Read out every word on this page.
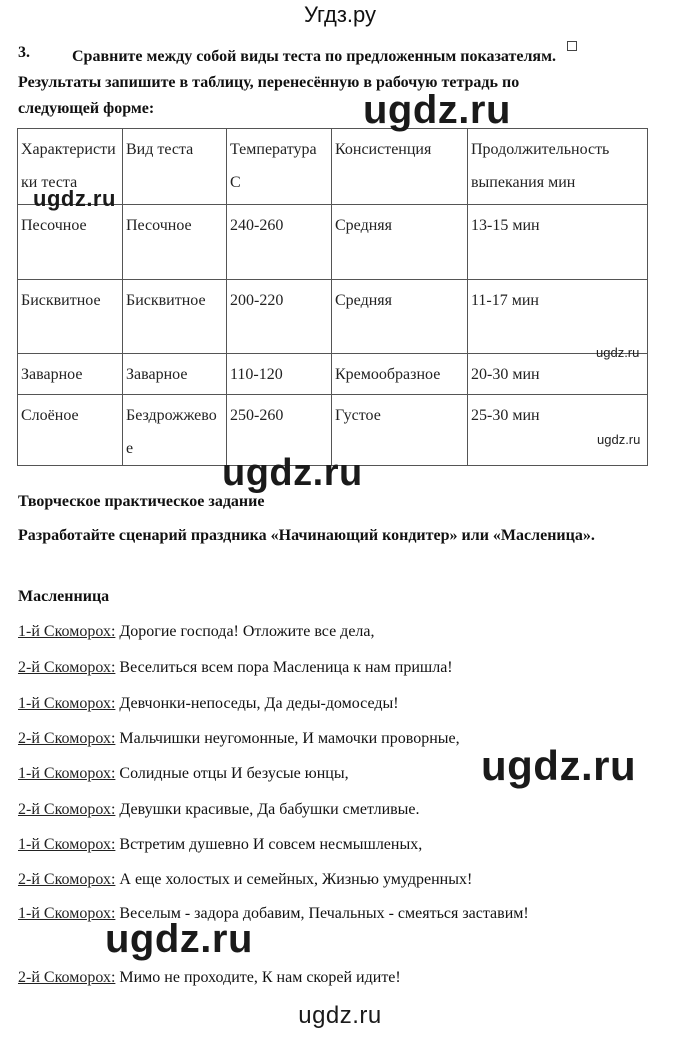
Угдз.ру
3.	Сравните между собой виды теста по предложенным показателям. Результаты запишите в таблицу, перенесённую в рабочую тетрадь по следующей форме:
Характеристики теста	Вид теста	Температура С	Консистенция	Продолжительность выпекания мин
Песочное	Песочное	240-260	Средняя	13-15 мин
Бисквитное	Бисквитное	200-220	Средняя	11-17 мин
Заварное	Заварное	110-120	Кремообразное	20-30 мин
Слоёное	Бездрожжевое	250-260	Густое	25-30 мин
ugdz.ru
ugdz.ru
ugdz.ru
ugdz.ru
ugdz.ru
Творческое практическое задание
Разработайте сценарий праздника «Начинающий кондитер» или «Масленица».
Масленница
1-й Скоморох: Дорогие господа! Отложите все дела,
2-й Скоморох: Веселиться всем пора Масленица к нам пришла!
1-й Скоморох: Девчонки-непоседы, Да деды-домоседы!
2-й Скоморох: Мальчишки неугомонные, И мамочки проворные,
1-й Скоморох: Солидные отцы И безусые юнцы,
2-й Скоморох: Девушки красивые, Да бабушки сметливые.
1-й Скоморох: Встретим душевно И совсем несмышленых,
2-й Скоморох: А еще холостых и семейных, Жизнью умудренных!
1-й Скоморох: Веселым - задора добавим, Печальных - смеяться заставим!
2-й Скоморох: Мимо не проходите, К нам скорей идите!
ugdz.ru
ugdz.ru
ugdz.ru
